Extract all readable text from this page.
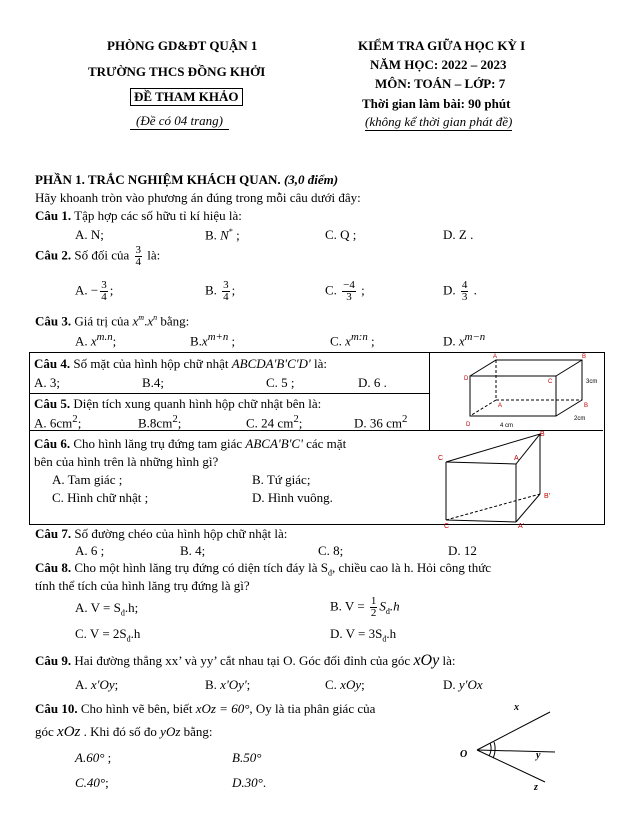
PHÒNG GD&ĐT QUẬN 1
TRƯỜNG THCS ĐỒNG KHỞI
ĐỀ THAM KHẢO
(Đề có 04 trang)
KIỂM TRA GIỮA HỌC KỲ I
NĂM HỌC: 2022 – 2023
MÔN: TOÁN – LỚP: 7
Thời gian làm bài: 90 phút
(không kể thời gian phát đề)
PHẦN 1. TRẮC NGHIỆM KHÁCH QUAN. (3,0 điểm)
Hãy khoanh tròn vào phương án đúng trong mỗi câu dưới đây:
Câu 1. Tập hợp các số hữu tỉ kí hiệu là:
A. N;	B. N* ;	C. Q ;	D. Z .
Câu 2. Số đối của $\frac{3}{4}$ là:
A. − $\frac{3}{4}$ ;	B. $\frac{3}{4}$ ;	C. $\frac{-4}{3}$ ;	D. $\frac{4}{3}$ .
Câu 3. Giá trị của $x^m.x^n$ bằng:
A. $x^{m.n}$;	$B.x^{m+n}$ ;	C. $x^{m:n}$ ;	D. $x^{m-n}$
Câu 4. Số mặt của hình hộp chữ nhật ABCDA'B'C'D' là:
A. 3;	B.4;	C. 5 ;	D. 6 .
Câu 5. Diện tích xung quanh hình hộp chữ nhật bên là:
A. $6cm^2$;	$B.8cm^2$;	C. 24 $cm^2$;	D. 36 $cm^2$
A	B
D	C	3cm
A	B
D	4 cm
2cm
Câu 6. Cho hình lăng trụ đứng tam giác ABCA'B'C' các mặt
bên của hình trên là những hình gì?
A. Tam giác ;	B. Tứ giác;
C. Hình chữ nhật ;	D. Hình vuông.
B
C	A
B'
C	A'
Câu 7. Số đường chéo của hình hộp chữ nhật là:
A. 6 ;	B. 4;	C. 8;	D. 12
Câu 8. Cho một hình lăng trụ đứng có diện tích đáy là $S_đ$, chiều cao là h. Hỏi công thức
tính thể tích của hình lăng trụ đứng là gì?
A. $V = S_đ.h$;	B. $V = \frac{1}{2} S_đ.h$
C. $V = 2S_đ.h$	D. $V = 3S_đ.h$
Câu 9. Hai đường thẳng xx’ và yy’ cắt nhau tại O. Góc đối đỉnh của góc xOy là:
A. x'Oy;	B. x'Oy';	C. xOy;	D. y'Ox
Câu 10. Cho hình vẽ bên, biết xOz = 60°, Oy là tia phân giác của
góc xOz . Khi đó số đo yOz bằng:
A.60° ;	B.50°
C.40°;	D.30°.
x
O	y
z
